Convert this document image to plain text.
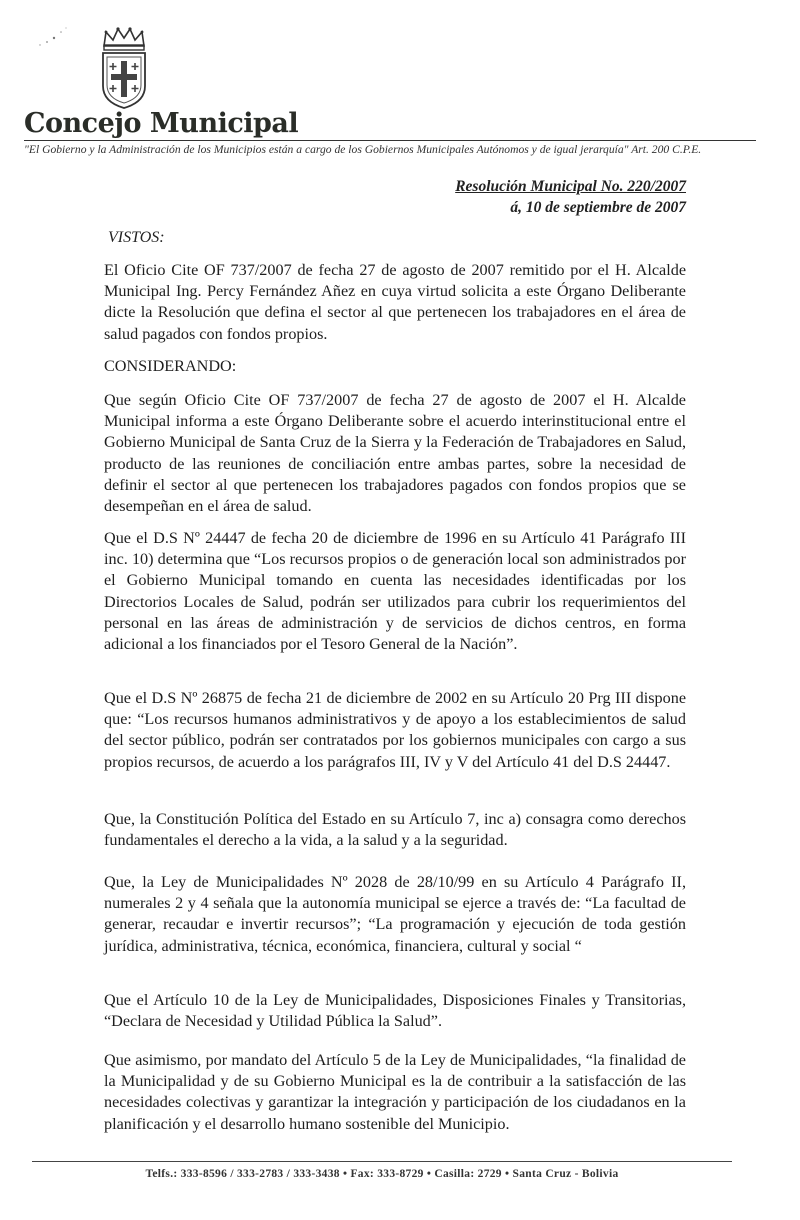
Concejo Municipal
"El Gobierno y la Administración de los Municipios están a cargo de los Gobiernos Municipales Autónomos y de igual jerarquía" Art. 200 C.P.E.
Resolución Municipal No. 220/2007
á, 10 de septiembre de 2007
VISTOS:

El Oficio Cite OF 737/2007 de fecha 27 de agosto de 2007 remitido por el H. Alcalde Municipal Ing. Percy Fernández Añez en cuya virtud solicita a este Órgano Deliberante dicte la Resolución que defina el sector al que pertenecen los trabajadores en el área de salud pagados con fondos propios.

CONSIDERANDO:

Que según Oficio Cite OF 737/2007 de fecha 27 de agosto de 2007 el H. Alcalde Municipal informa a este Órgano Deliberante sobre el acuerdo interinstitucional entre el Gobierno Municipal de Santa Cruz de la Sierra y la Federación de Trabajadores en Salud, producto de las reuniones de conciliación entre ambas partes, sobre la necesidad de definir el sector al que pertenecen los trabajadores pagados con fondos propios que se desempeñan en el área de salud.

Que el D.S Nº 24447 de fecha 20 de diciembre de 1996 en su Artículo 41 Parágrafo III inc. 10) determina que “Los recursos propios o de generación local son administrados por el Gobierno Municipal tomando en cuenta las necesidades identificadas por los Directorios Locales de Salud, podrán ser utilizados para cubrir los requerimientos del personal en las áreas de administración y de servicios de dichos centros, en forma adicional a los financiados por el Tesoro General de la Nación”.

Que el D.S Nº 26875 de fecha 21 de diciembre de 2002 en su Artículo 20 Prg III dispone que: “Los recursos humanos administrativos y de apoyo a los establecimientos de salud del sector público, podrán ser contratados por los gobiernos municipales con cargo a sus propios recursos, de acuerdo a los parágrafos III, IV y V del Artículo 41 del D.S 24447.

Que, la Constitución Política del Estado en su Artículo 7, inc a) consagra como derechos fundamentales el derecho a la vida, a la salud y a la seguridad.

Que, la Ley de Municipalidades Nº 2028 de 28/10/99 en su Artículo 4 Parágrafo II, numerales 2 y 4 señala que la autonomía municipal se ejerce a través de: “La facultad de generar, recaudar e invertir recursos”; “La programación y ejecución de toda gestión jurídica, administrativa, técnica, económica, financiera, cultural y social “

Que el Artículo 10 de la Ley de Municipalidades, Disposiciones Finales y Transitorias, “Declara de Necesidad y Utilidad Pública la Salud”.

Que asimismo, por mandato del Artículo 5 de la Ley de Municipalidades, “la finalidad de la Municipalidad y de su Gobierno Municipal es la de contribuir a la satisfacción de las necesidades colectivas y garantizar la integración y participación de los ciudadanos en la planificación y el desarrollo humano sostenible del Municipio.

Telfs.: 333-8596 / 333-2783 / 333-3438 • Fax: 333-8729 • Casilla: 2729 • Santa Cruz - Bolivia
